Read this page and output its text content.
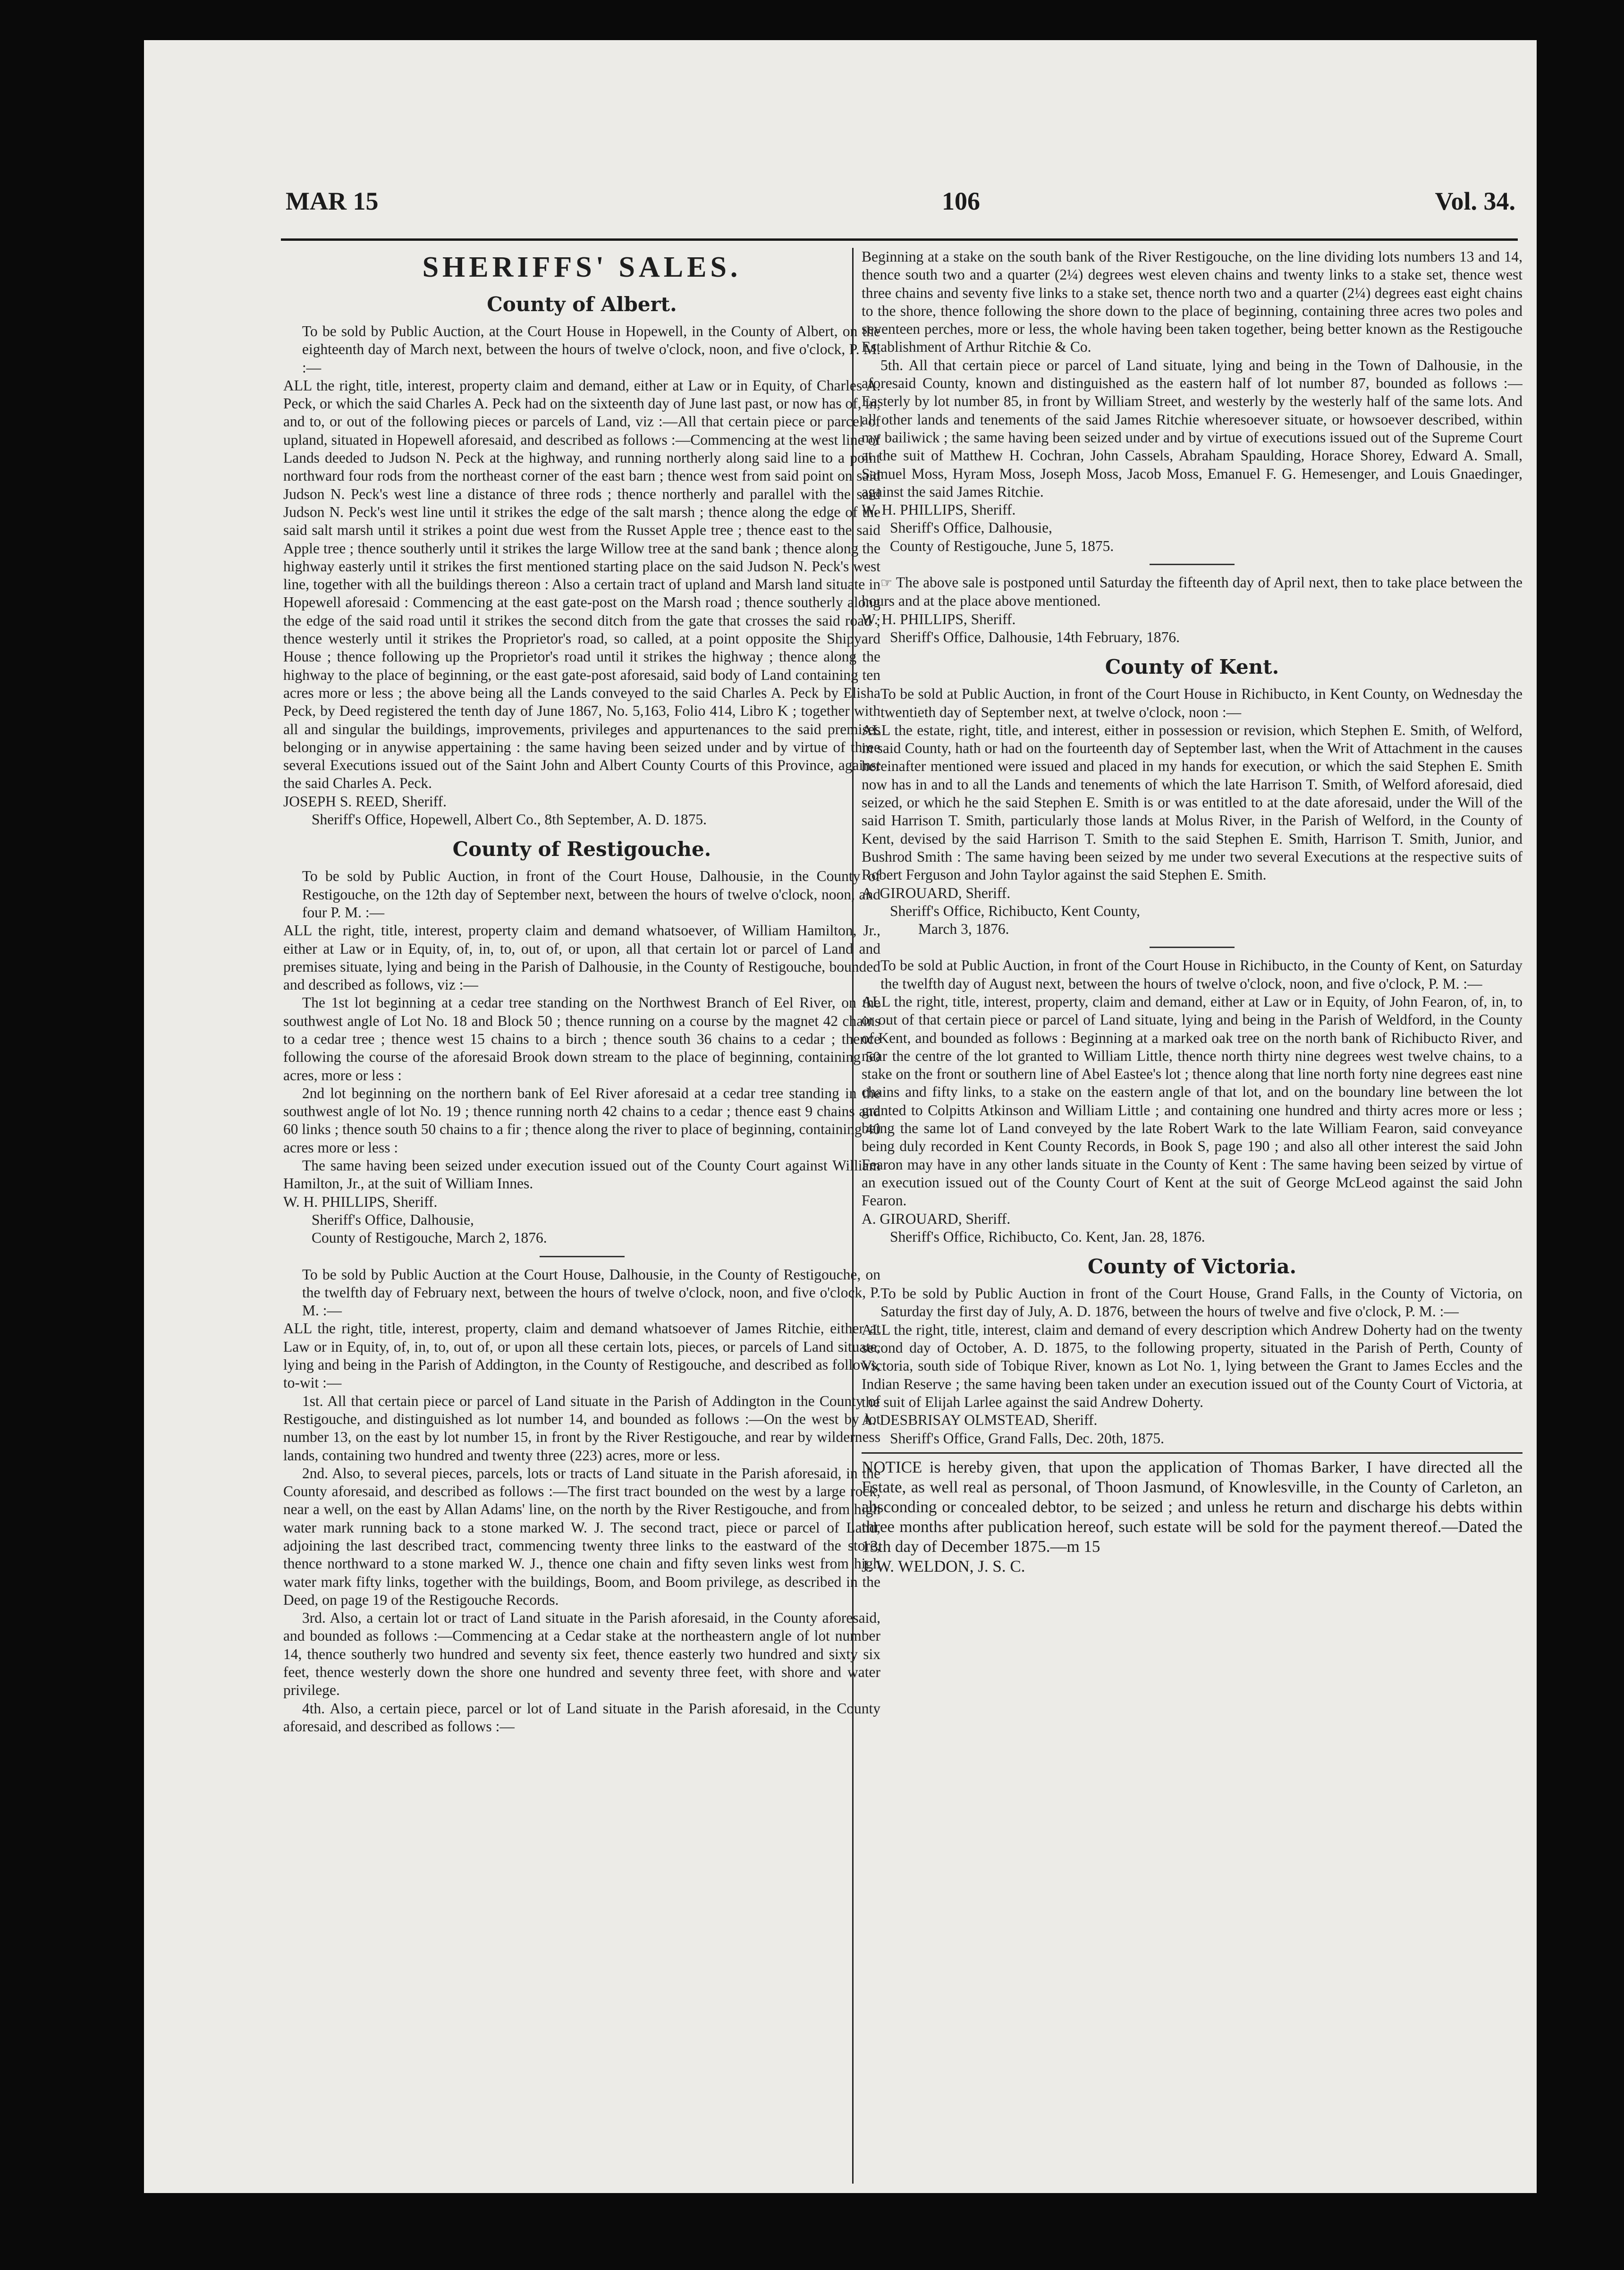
MAR 15	106	Vol. 34.
SHERIFFS' SALES.
County of Albert.

To be sold by Public Auction, at the Court House in Hopewell, in the County of Albert, on the eighteenth day of March next, between the hours of twelve o'clock, noon, and five o'clock, P. M. :—

ALL the right, title, interest, property claim and demand, either at Law or in Equity, of Charles A. Peck, or which the said Charles A. Peck had on the sixteenth day of June last past, or now has of, in, and to, or out of the following pieces or parcels of Land, viz :—All that certain piece or parcel of upland, situated in Hopewell aforesaid, and described as follows :—Commencing at the west line of Lands deeded to Judson N. Peck at the highway, and running northerly along said line to a point northward four rods from the northeast corner of the east barn ; thence west from said point on said Judson N. Peck's west line a distance of three rods ; thence northerly and parallel with the said Judson N. Peck's west line until it strikes the edge of the salt marsh ; thence along the edge of the said salt marsh until it strikes a point due west from the Russet Apple tree ; thence east to the said Apple tree ; thence southerly until it strikes the large Willow tree at the sand bank ; thence along the highway easterly until it strikes the first mentioned starting place on the said Judson N. Peck's west line, together with all the buildings thereon : Also a certain tract of upland and Marsh land situate in Hopewell aforesaid : Commencing at the east gate-post on the Marsh road ; thence southerly along the edge of the said road until it strikes the second ditch from the gate that crosses the said road ; thence westerly until it strikes the Proprietor's road, so called, at a point opposite the Shipyard House ; thence following up the Proprietor's road until it strikes the highway ; thence along the highway to the place of beginning, or the east gate-post aforesaid, said body of Land containing ten acres more or less ; the above being all the Lands conveyed to the said Charles A. Peck by Elisha Peck, by Deed registered the tenth day of June 1867, No. 5,163, Folio 414, Libro K ; together with all and singular the buildings, improvements, privileges and appurtenances to the said premises belonging or in anywise appertaining : the same having been seized under and by virtue of three several Executions issued out of the Saint John and Albert County Courts of this Province, against the said Charles A. Peck.

JOSEPH S. REED, Sheriff.

Sheriff's Office, Hopewell, Albert Co., 8th September, A. D. 1875.

County of Restigouche.

To be sold by Public Auction, in front of the Court House, Dalhousie, in the County of Restigouche, on the 12th day of September next, between the hours of twelve o'clock, noon, and four P. M. :—

ALL the right, title, interest, property claim and demand whatsoever, of William Hamilton, Jr., either at Law or in Equity, of, in, to, out of, or upon, all that certain lot or parcel of Land and premises situate, lying and being in the Parish of Dalhousie, in the County of Restigouche, bounded and described as follows, viz :—

The 1st lot beginning at a cedar tree standing on the Northwest Branch of Eel River, on the southwest angle of Lot No. 18 and Block 50 ; thence running on a course by the magnet 42 chains to a cedar tree ; thence west 15 chains to a birch ; thence south 36 chains to a cedar ; thence following the course of the aforesaid Brook down stream to the place of beginning, containing 50 acres, more or less :

2nd lot beginning on the northern bank of Eel River aforesaid at a cedar tree standing in the southwest angle of lot No. 19 ; thence running north 42 chains to a cedar ; thence east 9 chains and 60 links ; thence south 50 chains to a fir ; thence along the river to place of beginning, containing 40 acres more or less :

The same having been seized under execution issued out of the County Court against William Hamilton, Jr., at the suit of William Innes.

W. H. PHILLIPS, Sheriff.

Sheriff's Office, Dalhousie,

County of Restigouche, March 2, 1876.

To be sold by Public Auction at the Court House, Dalhousie, in the County of Restigouche, on the twelfth day of February next, between the hours of twelve o'clock, noon, and five o'clock, P. M. :—

ALL the right, title, interest, property, claim and demand whatsoever of James Ritchie, either at Law or in Equity, of, in, to, out of, or upon all these certain lots, pieces, or parcels of Land situate, lying and being in the Parish of Addington, in the County of Restigouche, and described as follows, to-wit :—

1st. All that certain piece or parcel of Land situate in the Parish of Addington in the County of Restigouche, and distinguished as lot number 14, and bounded as follows :—On the west by lot number 13, on the east by lot number 15, in front by the River Restigouche, and rear by wilderness lands, containing two hundred and twenty three (223) acres, more or less.

2nd. Also, to several pieces, parcels, lots or tracts of Land situate in the Parish aforesaid, in the County aforesaid, and described as follows :—The first tract bounded on the west by a large rock, near a well, on the east by Allan Adams' line, on the north by the River Restigouche, and from high water mark running back to a stone marked W. J. The second tract, piece or parcel of Land, adjoining the last described tract, commencing twenty three links to the eastward of the store, thence northward to a stone marked W. J., thence one chain and fifty seven links west from high water mark fifty links, together with the buildings, Boom, and Boom privilege, as described in the Deed, on page 19 of the Restigouche Records.

3rd. Also, a certain lot or tract of Land situate in the Parish aforesaid, in the County aforesaid, and bounded as follows :—Commencing at a Cedar stake at the northeastern angle of lot number 14, thence southerly two hundred and seventy six feet, thence easterly two hundred and sixty six feet, thence westerly down the shore one hundred and seventy three feet, with shore and water privilege.

4th. Also, a certain piece, parcel or lot of Land situate in the Parish aforesaid, in the County aforesaid, and described as follows :—

Beginning at a stake on the south bank of the River Restigouche, on the line dividing lots numbers 13 and 14, thence south two and a quarter (2¼) degrees west eleven chains and twenty links to a stake set, thence west three chains and seventy five links to a stake set, thence north two and a quarter (2¼) degrees east eight chains to the shore, thence following the shore down to the place of beginning, containing three acres two poles and seventeen perches, more or less, the whole having been taken together, being better known as the Restigouche Establishment of Arthur Ritchie & Co.

5th. All that certain piece or parcel of Land situate, lying and being in the Town of Dalhousie, in the aforesaid County, known and distinguished as the eastern half of lot number 87, bounded as follows :—Easterly by lot number 85, in front by William Street, and westerly by the westerly half of the same lots. And all other lands and tenements of the said James Ritchie wheresoever situate, or howsoever described, within my bailiwick ; the same having been seized under and by virtue of executions issued out of the Supreme Court at the suit of Matthew H. Cochran, John Cassels, Abraham Spaulding, Horace Shorey, Edward A. Small, Samuel Moss, Hyram Moss, Joseph Moss, Jacob Moss, Emanuel F. G. Hemesenger, and Louis Gnaedinger, against the said James Ritchie.

W. H. PHILLIPS, Sheriff.

Sheriff's Office, Dalhousie,

County of Restigouche, June 5, 1875.

☞ The above sale is postponed until Saturday the fifteenth day of April next, then to take place between the hours and at the place above mentioned.

W. H. PHILLIPS, Sheriff.

Sheriff's Office, Dalhousie, 14th February, 1876.

County of Kent.

To be sold at Public Auction, in front of the Court House in Richibucto, in Kent County, on Wednesday the twentieth day of September next, at twelve o'clock, noon :—

ALL the estate, right, title, and interest, either in possession or revision, which Stephen E. Smith, of Welford, in said County, hath or had on the fourteenth day of September last, when the Writ of Attachment in the causes hereinafter mentioned were issued and placed in my hands for execution, or which the said Stephen E. Smith now has in and to all the Lands and tenements of which the late Harrison T. Smith, of Welford aforesaid, died seized, or which he the said Stephen E. Smith is or was entitled to at the date aforesaid, under the Will of the said Harrison T. Smith, particularly those lands at Molus River, in the Parish of Welford, in the County of Kent, devised by the said Harrison T. Smith to the said Stephen E. Smith, Harrison T. Smith, Junior, and Bushrod Smith : The same having been seized by me under two several Executions at the respective suits of Robert Ferguson and John Taylor against the said Stephen E. Smith.

A. GIROUARD, Sheriff.

Sheriff's Office, Richibucto, Kent County,

March 3, 1876.

To be sold at Public Auction, in front of the Court House in Richibucto, in the County of Kent, on Saturday the twelfth day of August next, between the hours of twelve o'clock, noon, and five o'clock, P. M. :—

ALL the right, title, interest, property, claim and demand, either at Law or in Equity, of John Fearon, of, in, to or out of that certain piece or parcel of Land situate, lying and being in the Parish of Weldford, in the County of Kent, and bounded as follows : Beginning at a marked oak tree on the north bank of Richibucto River, and near the centre of the lot granted to William Little, thence north thirty nine degrees west twelve chains, to a stake on the front or southern line of Abel Eastee's lot ; thence along that line north forty nine degrees east nine chains and fifty links, to a stake on the eastern angle of that lot, and on the boundary line between the lot granted to Colpitts Atkinson and William Little ; and containing one hundred and thirty acres more or less ; being the same lot of Land conveyed by the late Robert Wark to the late William Fearon, said conveyance being duly recorded in Kent County Records, in Book S, page 190 ; and also all other interest the said John Fearon may have in any other lands situate in the County of Kent : The same having been seized by virtue of an execution issued out of the County Court of Kent at the suit of George McLeod against the said John Fearon.

A. GIROUARD, Sheriff.

Sheriff's Office, Richibucto, Co. Kent, Jan. 28, 1876.

County of Victoria.

To be sold by Public Auction in front of the Court House, Grand Falls, in the County of Victoria, on Saturday the first day of July, A. D. 1876, between the hours of twelve and five o'clock, P. M. :—

ALL the right, title, interest, claim and demand of every description which Andrew Doherty had on the twenty second day of October, A. D. 1875, to the following property, situated in the Parish of Perth, County of Victoria, south side of Tobique River, known as Lot No. 1, lying between the Grant to James Eccles and the Indian Reserve ; the same having been taken under an execution issued out of the County Court of Victoria, at the suit of Elijah Larlee against the said Andrew Doherty.

A. DESBRISAY OLMSTEAD, Sheriff.

Sheriff's Office, Grand Falls, Dec. 20th, 1875.

NOTICE is hereby given, that upon the application of Thomas Barker, I have directed all the Estate, as well real as personal, of Thoon Jasmund, of Knowlesville, in the County of Carleton, an absconding or concealed debtor, to be seized ; and unless he return and discharge his debts within three months after publication hereof, such estate will be sold for the payment thereof.—Dated the 13th day of December 1875.—m 15

J. W. WELDON, J. S. C.
